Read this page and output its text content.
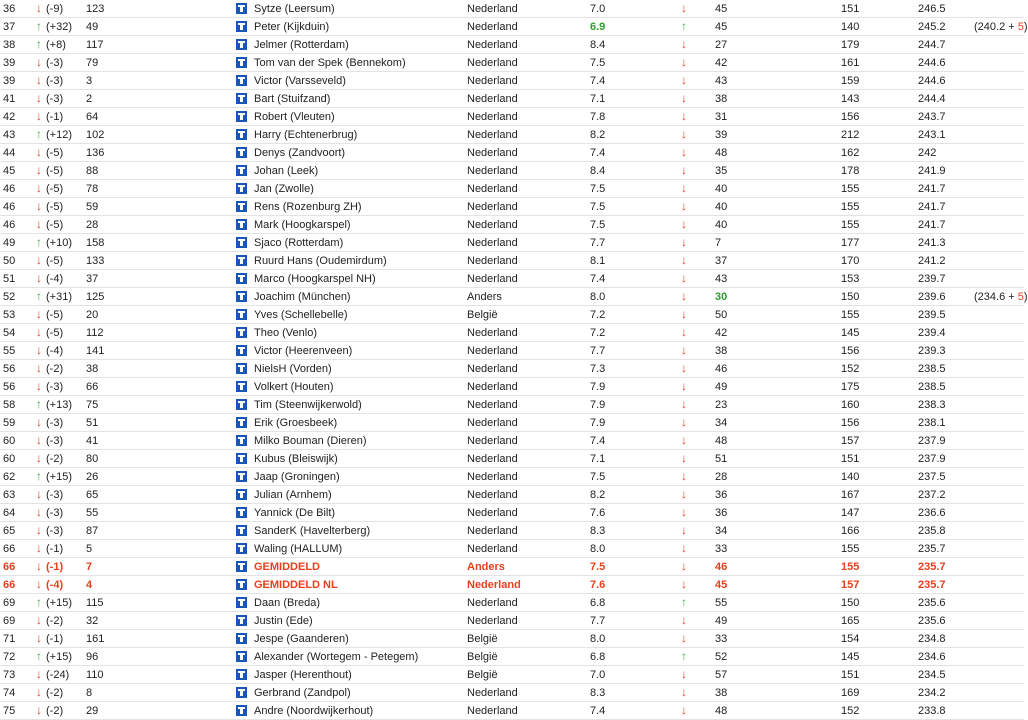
36	↓ (-9)	123		Sytze (Leersum)	Nederland	7.0	↓	45	151	246.5	
37	↑ (+32)	49		Peter (Kijkduin)	Nederland	6.9	↑	45	140	245.2	(240.2 + 5)
38	↑ (+8)	117		Jelmer (Rotterdam)	Nederland	8.4	↓	27	179	244.7	
39	↓ (-3)	79		Tom van der Spek (Bennekom)	Nederland	7.5	↓	42	161	244.6	
39	↓ (-3)	3		Victor (Varsseveld)	Nederland	7.4	↓	43	159	244.6	
41	↓ (-3)	2		Bart (Stuifzand)	Nederland	7.1	↓	38	143	244.4	
42	↓ (-1)	64		Robert (Vleuten)	Nederland	7.8	↓	31	156	243.7	
43	↑ (+12)	102		Harry (Echtenerbrug)	Nederland	8.2	↓	39	212	243.1	
44	↓ (-5)	136		Denys (Zandvoort)	Nederland	7.4	↓	48	162	242	
45	↓ (-5)	88		Johan (Leek)	Nederland	8.4	↓	35	178	241.9	
46	↓ (-5)	78		Jan (Zwolle)	Nederland	7.5	↓	40	155	241.7	
46	↓ (-5)	59		Rens (Rozenburg ZH)	Nederland	7.5	↓	40	155	241.7	
46	↓ (-5)	28		Mark (Hoogkarspel)	Nederland	7.5	↓	40	155	241.7	
49	↑ (+10)	158		Sjaco (Rotterdam)	Nederland	7.7	↓	7	177	241.3	
50	↓ (-5)	133		Ruurd Hans (Oudemirdum)	Nederland	8.1	↓	37	170	241.2	
51	↓ (-4)	37		Marco (Hoogkarspel NH)	Nederland	7.4	↓	43	153	239.7	
52	↑ (+31)	125		Joachim (München)	Anders	8.0	↓	30	150	239.6	(234.6 + 5)
53	↓ (-5)	20		Yves (Schellebelle)	België	7.2	↓	50	155	239.5	
54	↓ (-5)	112		Theo (Venlo)	Nederland	7.2	↓	42	145	239.4	
55	↓ (-4)	141		Victor (Heerenveen)	Nederland	7.7	↓	38	156	239.3	
56	↓ (-2)	38		NielsH (Vorden)	Nederland	7.3	↓	46	152	238.5	
56	↓ (-3)	66		Volkert (Houten)	Nederland	7.9	↓	49	175	238.5	
58	↑ (+13)	75		Tim (Steenwijkerwold)	Nederland	7.9	↓	23	160	238.3	
59	↓ (-3)	51		Erik (Groesbeek)	Nederland	7.9	↓	34	156	238.1	
60	↓ (-3)	41		Milko Bouman (Dieren)	Nederland	7.4	↓	48	157	237.9	
60	↓ (-2)	80		Kubus (Bleiswijk)	Nederland	7.1	↓	51	151	237.9	
62	↑ (+15)	26		Jaap (Groningen)	Nederland	7.5	↓	28	140	237.5	
63	↓ (-3)	65		Julian (Arnhem)	Nederland	8.2	↓	36	167	237.2	
64	↓ (-3)	55		Yannick (De Bilt)	Nederland	7.6	↓	36	147	236.6	
65	↓ (-3)	87		SanderK (Havelterberg)	Nederland	8.3	↓	34	166	235.8	
66	↓ (-1)	5		Waling (HALLUM)	Nederland	8.0	↓	33	155	235.7	
66	↓ (-1)	7		GEMIDDELD	Anders	7.5	↓	46	155	235.7	
66	↓ (-4)	4		GEMIDDELD NL	Nederland	7.6	↓	45	157	235.7	
69	↑ (+15)	115		Daan (Breda)	Nederland	6.8	↑	55	150	235.6	
69	↓ (-2)	32		Justin (Ede)	Nederland	7.7	↓	49	165	235.6	
71	↓ (-1)	161		Jespe (Gaanderen)	België	8.0	↓	33	154	234.8	
72	↑ (+15)	96		Alexander (Wortegem - Petegem)	België	6.8	↑	52	145	234.6	
73	↓ (-24)	110		Jasper (Herenthout)	België	7.0	↓	57	151	234.5	
74	↓ (-2)	8		Gerbrand (Zandpol)	Nederland	8.3	↓	38	169	234.2	
75	↓ (-2)	29		Andre (Noordwijkerhout)	Nederland	7.4	↓	48	152	233.8	
